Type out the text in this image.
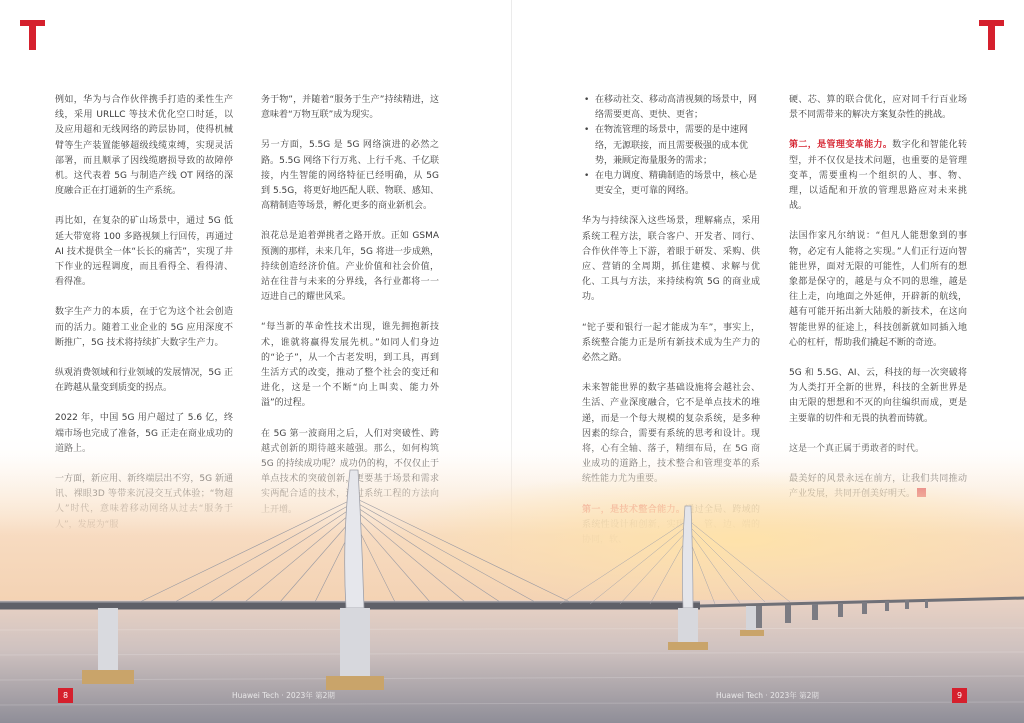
例如，华为与合作伙伴携手打造的柔性生产线，采用 URLLC 等技术优化空口时延，以及应用超和无线网络的跨层协同，使得机械臂等生产装置能够超级线缆束缚，实现灵活部署，而且顺承了因线缆磨损导致的故障停机。这代表着 5G 与制造产线 OT 网络的深度融合正在打通新的生产系统。

再比如，在复杂的矿山场景中，通过 5G 低延大带宽将 100 多路视频上行回传，再通过 AI 技术提供全一体“长长的痛苦”，实现了井下作业的远程调度，而且看得全、看得清、看得准。

数字生产力的本质，在于它为这个社会创造而的活力。随着工业企业的 5G 应用深度不断推广，5G 技术将持续扩大数字生产力。

纵观消费领域和行业领域的发展情况，5G 正在跨越从量变到质变的拐点。

2022 年，中国 5G 用户超过了 5.6 亿，终

务于物”，并随着“服务于生产”持续精进，这意味着“万物互联”成为现实。

另一方面，5.5G 是 5G 网络演进的必然之路。5.5G 网络下行万兆、上行千兆、千亿联接，内生智能的网络特征已经明确，从 5G 到 5.5G，将更好地匹配人联、物联、感知、高精制造等场景，孵化更多的商业新机会。

浪花总是追着弹挑者之路开放。正如 GSMA 预测的那样，未来几年，5G 将进一步成熟，持续创造经济价值。产业价值和社会价值，站在往昔与未来的分界线，各行业都将一一迈进自己的耀世风采。

“每当新的革命性技术出现，谁先拥抱新技术，谁就将赢得发展先机。”如同人们身边的“论子”，从一个古老发明，到工具，再到生活方式的改变，推动了整个社会的变迁和进化，这是一个不断“向上叫卖、能力外溢”的过程。

• 在移动社交、移动高清视频的场景中，网络需要更高、更快、更省；
• 在物流管理的场景中，需要的是中速网络，无源联接，而且需要极强的成本优势，兼顾定海量服务的需求；
• 在电力调度、精确制造的场景中，核心是更安全，更可靠的网络。

华为与持续深入这些场景，理解痛点，采用系统工程方法，联合客户、开发者、同行、合作伙伴等上下游，着眼于研发、采购、供应、营销的全周期，抓住建模、求解与优化、工具与方法，来持续构筑 5G 的商业成功。

“铊子要和银行一起才能成为车”，事实上，系统整合能力正是所有新技术成为生产力的必然之路。

未来智能世界的数字基础设施将会越社会、生活、产业深度融合，它不是单点技术的堆递，而是一个每大规模的复杂系统，是多种

硬、芯、算的联合优化，应对同千行百业场景不同需带来的解决方案复杂性的挑战。

第二，是管理变革能力。数字化和智能化转型，并不仅仅是技术问题，也重要的是管理变革，需要重构一个组织的人、事、物、理，以适配和开放的管理思路应对未来挑战。

法国作家凡尔纳说：“但凡人能想象到的事物，必定有人能将之实现。”人们正行迈向智能世界，面对无限的可能性，人们所有的想象都是保守的，越是与众不同的思维，越是往上走，向地面之外延伸，开辟新的航线，越有可能开拓出新大陆般的新技术，在这向智能世界的征途上，科技创新就如同插入地心的杠杆，帮助我们撬起不断的奇迹。

5G 和 5.5G、AI、云，科技的每一次突破将为人类打开全新的世界，科技的全新世界是由无限的想想和不灭的向往编织而成，更是主要靠的切件和无畏的执着而铸就。

8	Huawei Tech · 2023年 第2期	Huawei Tech · 2023年 第2期	9
